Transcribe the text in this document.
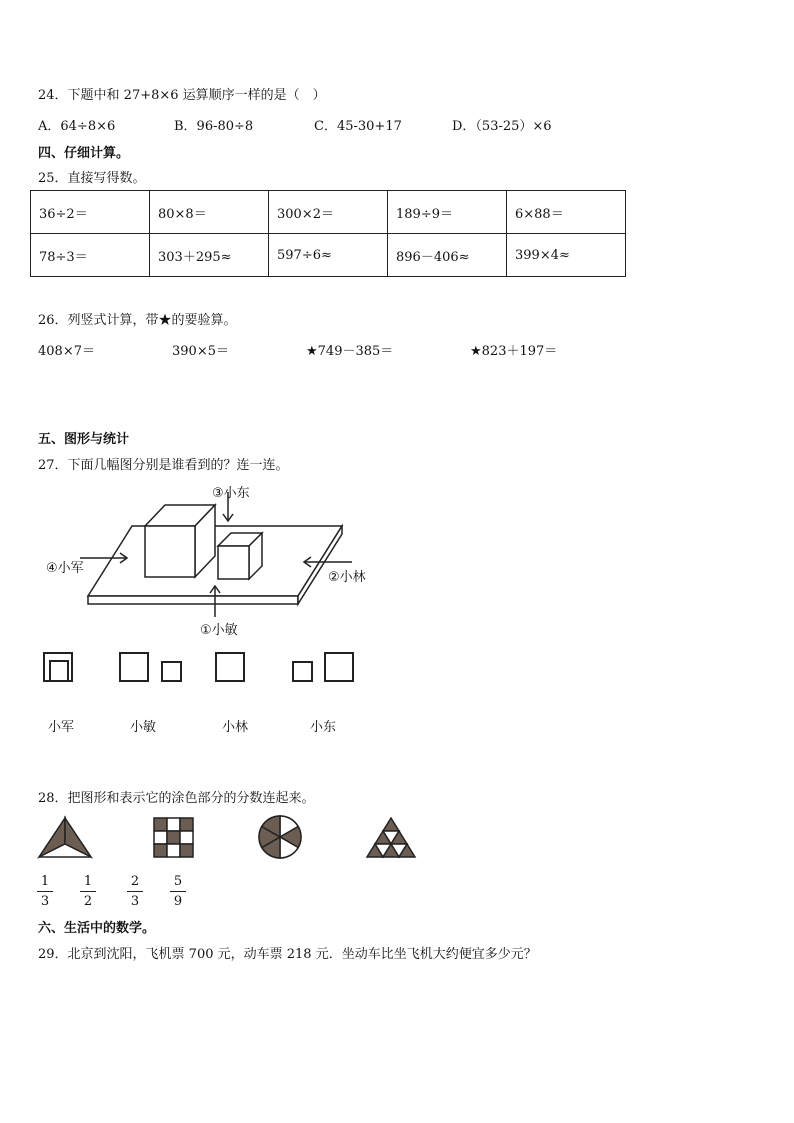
24．下题中和 27+8×6 运算顺序一样的是（　）
A．64÷8×6	B．96-80÷8	C．45-30+17	D．（53-25）×6
四、仔细计算。
25．直接写得数。
36÷2＝	80×8＝	300×2＝	189÷9＝	6×88＝
78÷3＝	303＋295≈	597÷6≈	896－406≈	399×4≈
26．列竖式计算，带★的要验算。
408×7＝	390×5＝	★749－385＝	★823＋197＝
五、图形与统计
27．下面几幅图分别是谁看到的？连一连。
③小东
④小军
②小林
①小敏
小军	小敏	小林	小东
28．把图形和表示它的涂色部分的分数连起来。
1
3
1
2
2
3
5
9
六、生活中的数学。
29．北京到沈阳，飞机票 700 元，动车票 218 元．坐动车比坐飞机大约便宜多少元？
